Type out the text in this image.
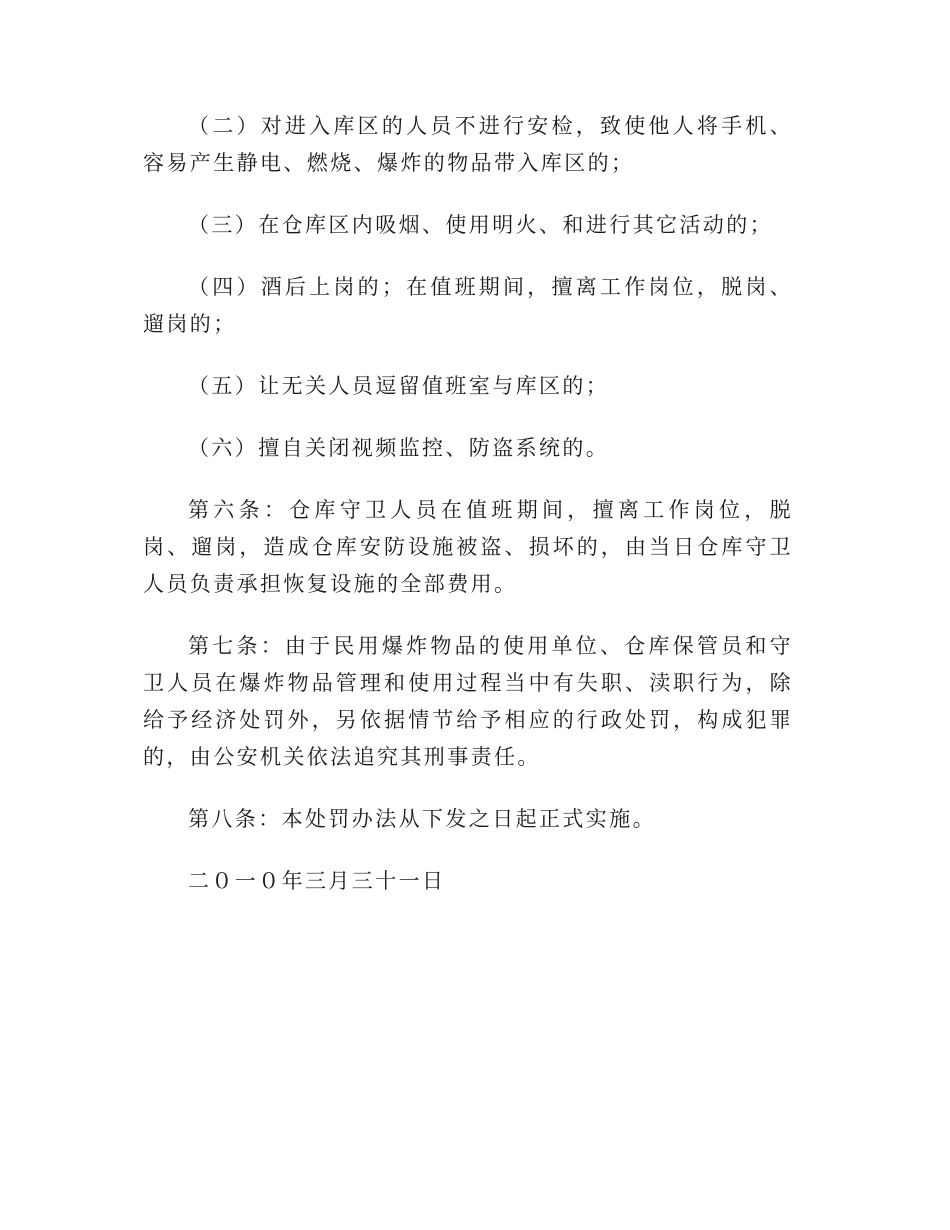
（二）对进入库区的人员不进行安检，致使他人将手机、容易产生静电、燃烧、爆炸的物品带入库区的；

（三）在仓库区内吸烟、使用明火、和进行其它活动的；

（四）酒后上岗的；在值班期间，擅离工作岗位，脱岗、遛岗的；

（五）让无关人员逗留值班室与库区的；

（六）擅自关闭视频监控、防盗系统的。

第六条：仓库守卫人员在值班期间，擅离工作岗位，脱岗、遛岗，造成仓库安防设施被盗、损坏的，由当日仓库守卫人员负责承担恢复设施的全部费用。

第七条：由于民用爆炸物品的使用单位、仓库保管员和守卫人员在爆炸物品管理和使用过程当中有失职、渎职行为，除给予经济处罚外，另依据情节给予相应的行政处罚，构成犯罪的，由公安机关依法追究其刑事责任。

第八条：本处罚办法从下发之日起正式实施。

二０一０年三月三十一日
